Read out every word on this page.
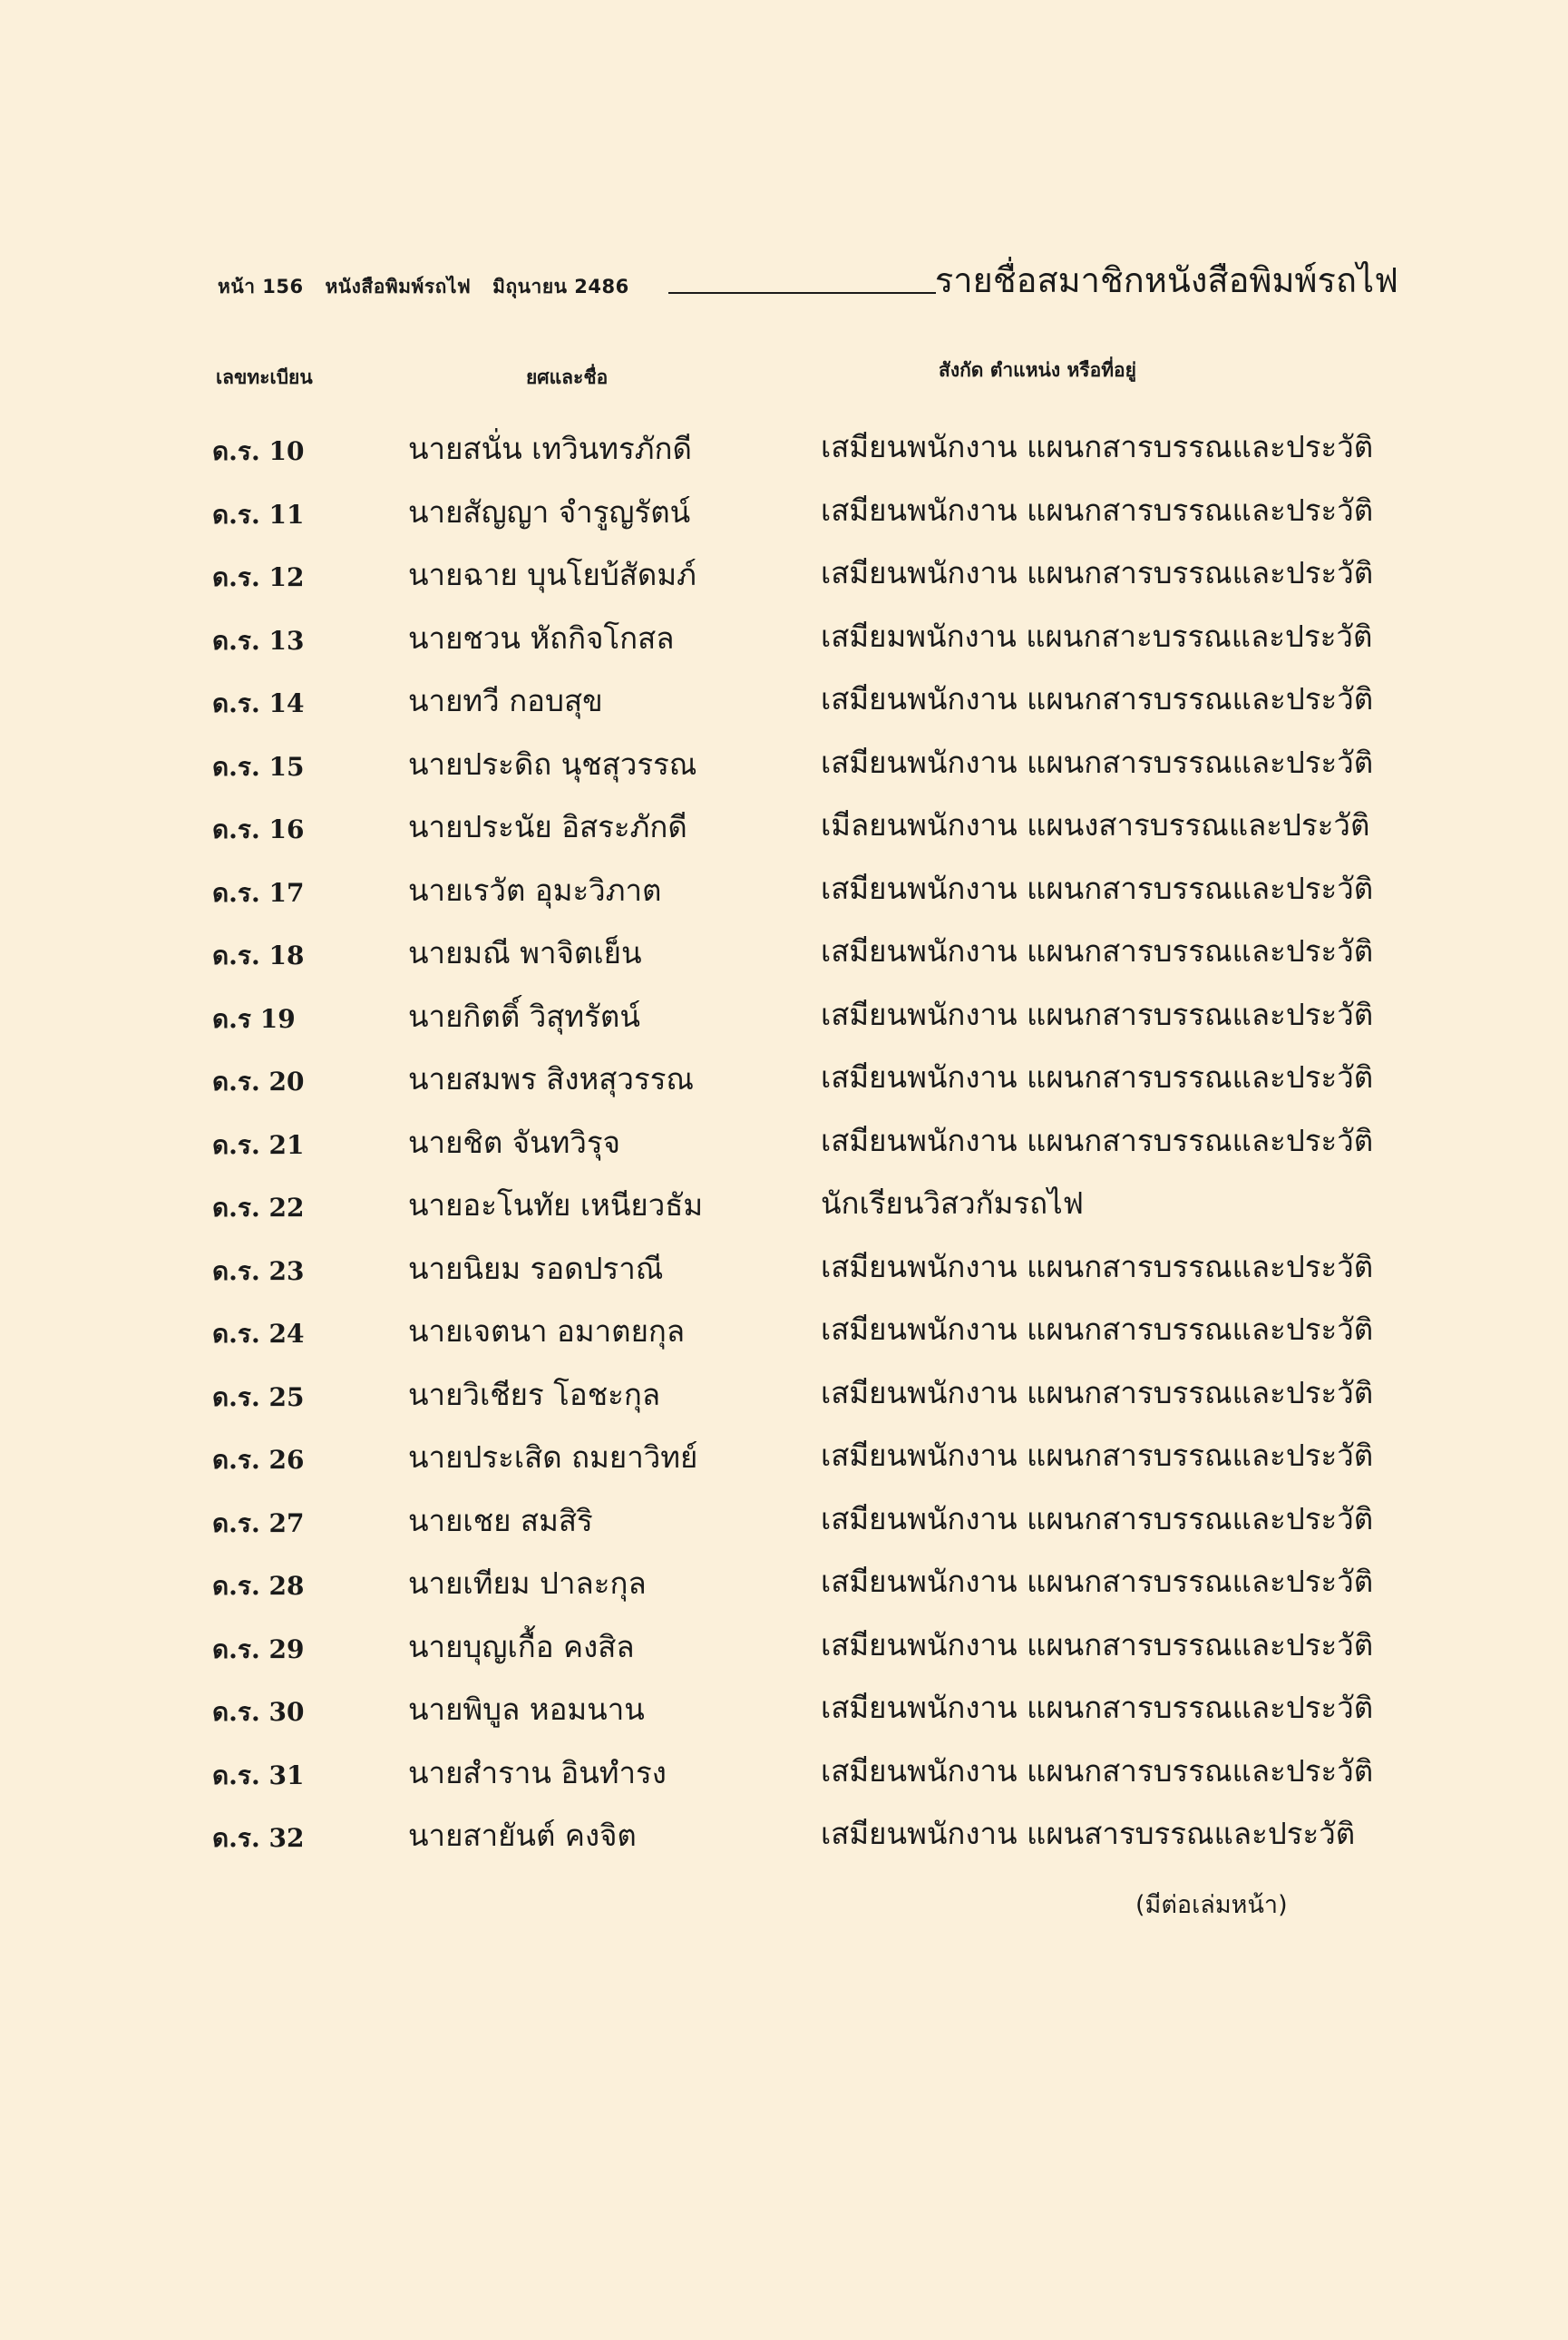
หน้า 156 หนังสือพิมพ์รถไฟ มิถุนายน 2486	รายชื่อสมาชิกหนังสือพิมพ์รถไฟ
เลขทะเบียน	ยศและชื่อ	สังกัด ตำแหน่ง หรือที่อยู่
ด.ร. 10	นายสนั่น เทวินทรภักดี	เสมียนพนักงาน แผนกสารบรรณและประวัติ
ด.ร. 11	นายสัญญา จำรูญรัตน์	เสมียนพนักงาน แผนกสารบรรณและประวัติ
ด.ร. 12	นายฉาย บุนโยบ้สัดมภ์	เสมียนพนักงาน แผนกสารบรรณและประวัติ
ด.ร. 13	นายชวน หัถกิจโกสล	เสมียมพนักงาน แผนกสาะบรรณและประวัติ
ด.ร. 14	นายทวี กอบสุข	เสมียนพนักงาน แผนกสารบรรณและประวัติ
ด.ร. 15	นายประดิถ นุชสุวรรณ	เสมียนพนักงาน แผนกสารบรรณและประวัติ
ด.ร. 16	นายประนัย อิสระภักดี	เมีลยนพนักงาน แผนงสารบรรณและประวัติ
ด.ร. 17	นายเรวัต อุมะวิภาต	เสมียนพนักงาน แผนกสารบรรณและประวัติ
ด.ร. 18	นายมณี พาจิตเย็น	เสมียนพนักงาน แผนกสารบรรณและประวัติ
ด.ร 19	นายกิตติ์ วิสุทรัตน์	เสมียนพนักงาน แผนกสารบรรณและประวัติ
ด.ร. 20	นายสมพร สิงหสุวรรณ	เสมียนพนักงาน แผนกสารบรรณและประวัติ
ด.ร. 21	นายชิต จันทวิรุจ	เสมียนพนักงาน แผนกสารบรรณและประวัติ
ด.ร. 22	นายอะโนทัย เหนียวธัม	นักเรียนวิสวกัมรถไฟ
ด.ร. 23	นายนิยม รอดปราณี	เสมียนพนักงาน แผนกสารบรรณและประวัติ
ด.ร. 24	นายเจตนา อมาตยกุล	เสมียนพนักงาน แผนกสารบรรณและประวัติ
ด.ร. 25	นายวิเชียร โอชะกุล	เสมียนพนักงาน แผนกสารบรรณและประวัติ
ด.ร. 26	นายประเสิด ถมยาวิทย์	เสมียนพนักงาน แผนกสารบรรณและประวัติ
ด.ร. 27	นายเชย สมสิริ	เสมียนพนักงาน แผนกสารบรรณและประวัติ
ด.ร. 28	นายเทียม ปาละกุล	เสมียนพนักงาน แผนกสารบรรณและประวัติ
ด.ร. 29	นายบุญเกื้อ คงสิล	เสมียนพนักงาน แผนกสารบรรณและประวัติ
ด.ร. 30	นายพิบูล หอมนาน	เสมียนพนักงาน แผนกสารบรรณและประวัติ
ด.ร. 31	นายสำราน อินทำรง	เสมียนพนักงาน แผนกสารบรรณและประวัติ
ด.ร. 32	นายสายันต์ คงจิต	เสมียนพนักงาน แผนสารบรรณและประวัติ
(มีต่อเล่มหน้า)
